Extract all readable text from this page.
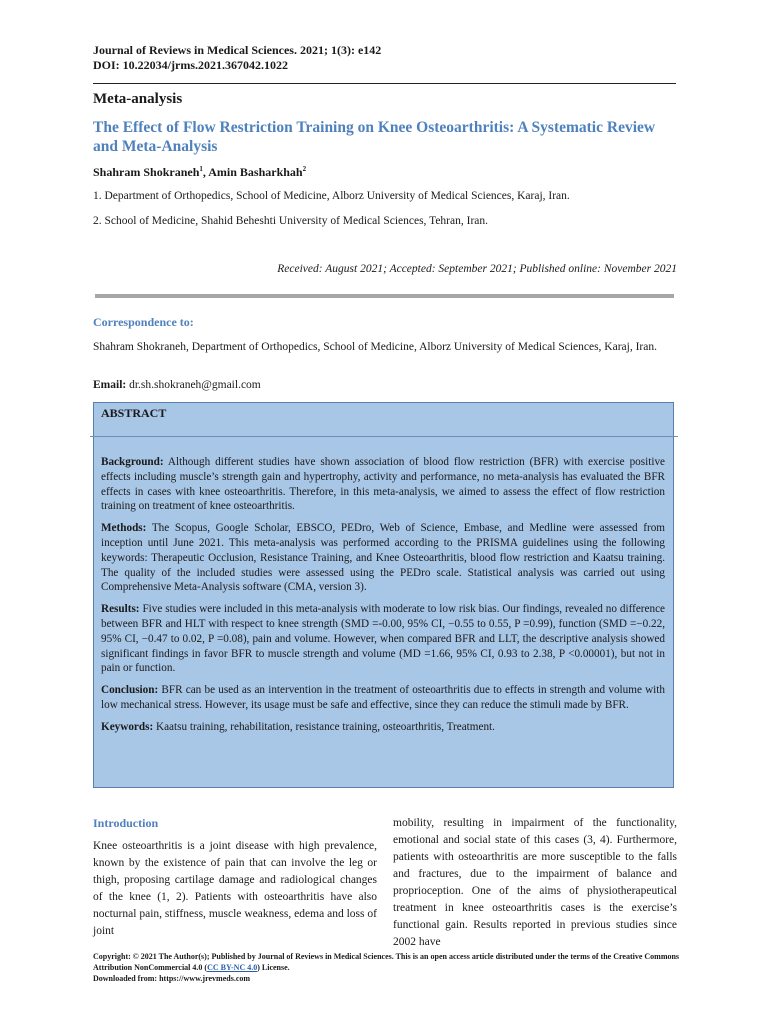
Journal of Reviews in Medical Sciences. 2021; 1(3): e142
DOI: 10.22034/jrms.2021.367042.1022
Meta-analysis
The Effect of Flow Restriction Training on Knee Osteoarthritis: A Systematic Review and Meta-Analysis
Shahram Shokraneh$^1$, Amin Basharkhah$^2$
1. Department of Orthopedics, School of Medicine, Alborz University of Medical Sciences, Karaj, Iran.
2. School of Medicine, Shahid Beheshti University of Medical Sciences, Tehran, Iran.
Received: August 2021; Accepted: September 2021; Published online: November 2021
Correspondence to:
Shahram Shokraneh, Department of Orthopedics, School of Medicine, Alborz University of Medical Sciences, Karaj, Iran.
Email: dr.sh.shokraneh@gmail.com
ABSTRACT

Background: Although different studies have shown association of blood flow restriction (BFR) with exercise positive effects including muscle’s strength gain and hypertrophy, activity and performance, no meta-analysis has evaluated the BFR effects in cases with knee osteoarthritis. Therefore, in this meta-analysis, we aimed to assess the effect of flow restriction training on treatment of knee osteoarthritis.

Methods: The Scopus, Google Scholar, EBSCO, PEDro, Web of Science, Embase, and Medline were assessed from inception until June 2021. This meta-analysis was performed according to the PRISMA guidelines using the following keywords: Therapeutic Occlusion, Resistance Training, and Knee Osteoarthritis, blood flow restriction and Kaatsu training. The quality of the included studies were assessed using the PEDro scale. Statistical analysis was carried out using Comprehensive Meta-Analysis software (CMA, version 3).

Results: Five studies were included in this meta-analysis with moderate to low risk bias. Our findings, revealed no difference between BFR and HLT with respect to knee strength (SMD =-0.00, 95% CI, −0.55 to 0.55, P =0.99), function (SMD =−0.22, 95% CI, −0.47 to 0.02, P =0.08), pain and volume. However, when compared BFR and LLT, the descriptive analysis showed significant findings in favor BFR to muscle strength and volume (MD =1.66, 95% CI, 0.93 to 2.38, P <0.00001), but not in pain or function.

Conclusion: BFR can be used as an intervention in the treatment of osteoarthritis due to effects in strength and volume with low mechanical stress. However, its usage must be safe and effective, since they can reduce the stimuli made by BFR.

Keywords: Kaatsu training, rehabilitation, resistance training, osteoarthritis, Treatment.

Introduction
Knee osteoarthritis is a joint disease with high prevalence, known by the existence of pain that can involve the leg or thigh, proposing cartilage damage and radiological changes of the knee (1, 2). Patients with osteoarthritis have also nocturnal pain, stiffness, muscle weakness, edema and loss of joint
mobility, resulting in impairment of the functionality, emotional and social state of this cases (3, 4). Furthermore, patients with osteoarthritis are more susceptible to the falls and fractures, due to the impairment of balance and proprioception. One of the aims of physiotherapeutical treatment in knee osteoarthritis cases is the exercise’s functional gain. Results reported in previous studies since 2002 have
Copyright: © 2021 The Author(s); Published by Journal of Reviews in Medical Sciences. This is an open access article distributed under the terms of the Creative Commons Attribution NonCommercial 4.0 (CC BY-NC 4.0) License.
Downloaded from: https://www.jrevmeds.com
